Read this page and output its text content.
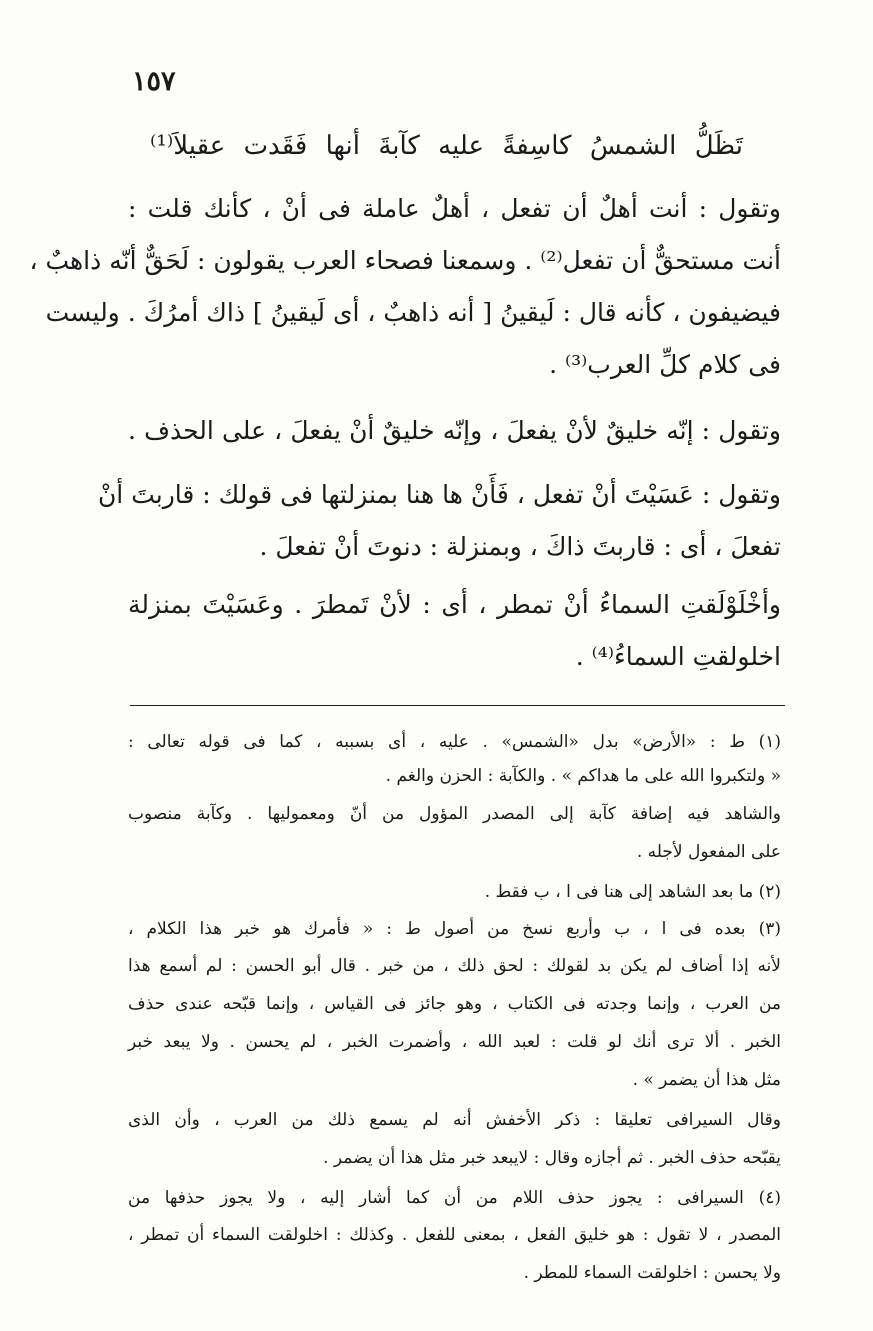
١٥٧
تَظَلُّ الشمسُ كاسِفةً عليه كآبةَ أنها فَقَدت عقيلاَ⁽¹⁾
وتقول : أنت أهلٌ أن تفعل ، أهلٌ عاملة فى أنْ ، كأنك قلت :
أنت مستحقٌّ أن تفعل⁽²⁾ . وسمعنا فصحاء العرب يقولون : لَحَقٌّ أنّه ذاهبٌ ،
فيضيفون ، كأنه قال : لَيقينُ [ أنه ذاهبٌ ، أى لَيقينُ ] ذاك أمرُكَ . وليست
فى كلام كلِّ العرب⁽³⁾ .
وتقول : إنّه خليقٌ لأنْ يفعلَ ، وإنّه خليقٌ أنْ يفعلَ ، على الحذف .
وتقول : عَسَيْتَ أنْ تفعل ، فَأَنْ ها هنا بمنزلتها فى قولك : قاربتَ أنْ
تفعلَ ، أى : قاربتَ ذاكَ ، وبمنزلة : دنوتَ أنْ تفعلَ .
وأخْلَوْلَقتِ السماءُ أنْ تمطر ، أى : لأنْ تَمطرَ . وعَسَيْتَ بمنزلة
اخلولقتِ السماءُ⁽⁴⁾ .
(١) ط : «الأرض» بدل «الشمس» . عليه ، أى بسببه ، كما فى قوله تعالى :
« ولتكبروا الله على ما هداكم » . والكآبة : الحزن والغم .
والشاهد فيه إضافة كآبة إلى المصدر المؤول من أنّ ومعموليها . وكآبة منصوب
على المفعول لأجله .
(٢) ما بعد الشاهد إلى هنا فى ا ، ب فقط .
(٣) بعده فى ا ، ب وأربع نسخ من أصول ط : « فأمرك هو خبر هذا الكلام ،
لأنه إذا أضاف لم يكن بد لقولك : لحق ذلك ، من خبر . قال أبو الحسن : لم أسمع هذا
من العرب ، وإنما وجدته فى الكتاب ، وهو جائز فى القياس ، وإنما قبّحه عندى حذف
الخبر . ألا ترى أنك لو قلت : لعبد الله ، وأضمرت الخبر ، لم يحسن . ولا يبعد خبر
مثل هذا أن يضمر » .
وقال السيرافى تعليقا : ذكر الأخفش أنه لم يسمع ذلك من العرب ، وأن الذى
يقبّحه حذف الخبر . ثم أجازه وقال : لايبعد خبر مثل هذا أن يضمر .
(٤) السيرافى : يجوز حذف اللام من أن كما أشار إليه ، ولا يجوز حذفها من
المصدر ، لا تقول : هو خليق الفعل ، بمعنى للفعل . وكذلك : اخلولقت السماء أن تمطر ،
ولا يحسن : اخلولقت السماء للمطر .
